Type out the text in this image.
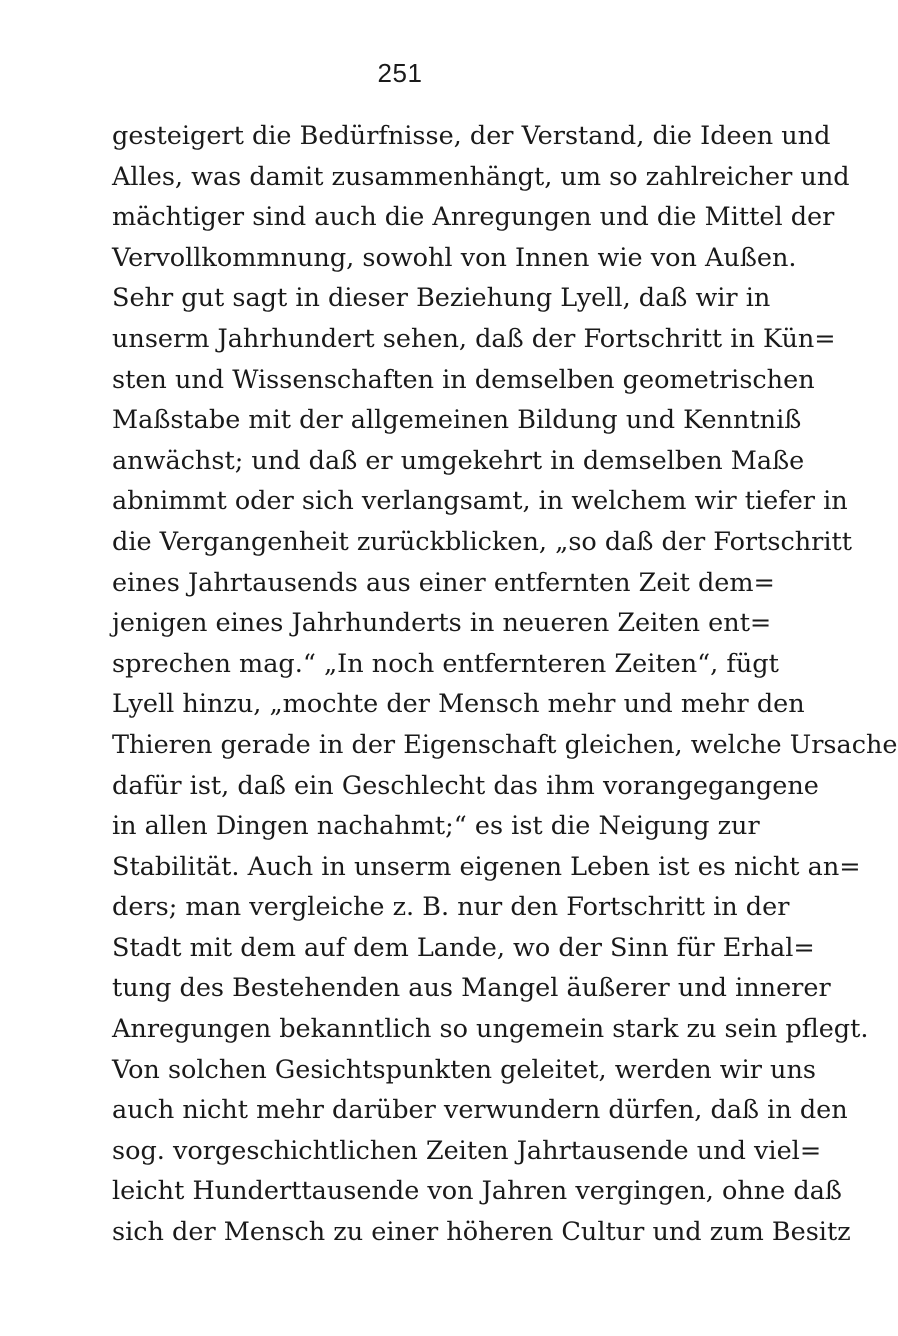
251
gesteigert die Bedürfnisse, der Verstand, die Ideen und
Alles, was damit zusammenhängt, um so zahlreicher und
mächtiger sind auch die Anregungen und die Mittel der
Vervollkommnung, sowohl von Innen wie von Außen.
Sehr gut sagt in dieser Beziehung Lyell, daß wir in
unserm Jahrhundert sehen, daß der Fortschritt in Kün=
sten und Wissenschaften in demselben geometrischen
Maßstabe mit der allgemeinen Bildung und Kenntniß
anwächst; und daß er umgekehrt in demselben Maße
abnimmt oder sich verlangsamt, in welchem wir tiefer in
die Vergangenheit zurückblicken, „so daß der Fortschritt
eines Jahrtausends aus einer entfernten Zeit dem=
jenigen eines Jahrhunderts in neueren Zeiten ent=
sprechen mag.“ „In noch entfernteren Zeiten“, fügt
Lyell hinzu, „mochte der Mensch mehr und mehr den
Thieren gerade in der Eigenschaft gleichen, welche Ursache
dafür ist, daß ein Geschlecht das ihm vorangegangene
in allen Dingen nachahmt;“ es ist die Neigung zur
Stabilität. Auch in unserm eigenen Leben ist es nicht an=
ders; man vergleiche z. B. nur den Fortschritt in der
Stadt mit dem auf dem Lande, wo der Sinn für Erhal=
tung des Bestehenden aus Mangel äußerer und innerer
Anregungen bekanntlich so ungemein stark zu sein pflegt.
Von solchen Gesichtspunkten geleitet, werden wir uns
auch nicht mehr darüber verwundern dürfen, daß in den
sog. vorgeschichtlichen Zeiten Jahrtausende und viel=
leicht Hunderttausende von Jahren vergingen, ohne daß
sich der Mensch zu einer höheren Cultur und zum Besitz
